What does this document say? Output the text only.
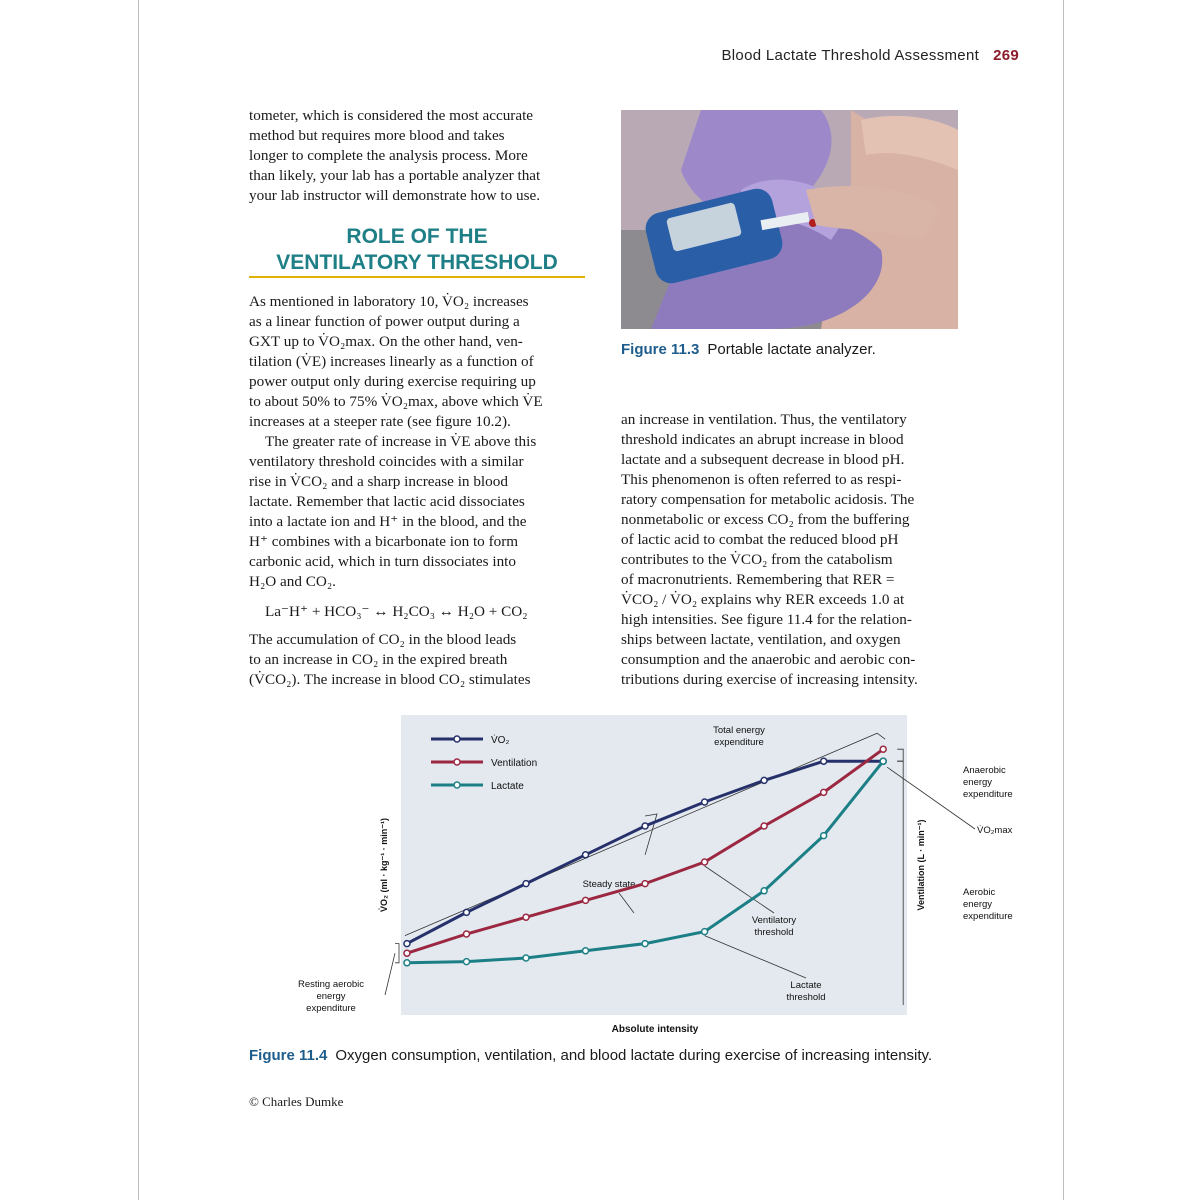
Blood Lactate Threshold Assessment 269

tometer, which is considered the most accurate

method but requires more blood and takes

longer to complete the analysis process. More

than likely, your lab has a portable analyzer that

your lab instructor will demonstrate how to use.

ROLE OF THE
VENTILATORY THRESHOLD

As mentioned in laboratory 10, V̇O₂ increases

as a linear function of power output during a

GXT up to V̇O₂max. On the other hand, ven-

tilation (V̇E) increases linearly as a function of

power output only during exercise requiring up

to about 50% to 75% V̇O₂max, above which V̇E

increases at a steeper rate (see figure 10.2).

The greater rate of increase in V̇E above this

ventilatory threshold coincides with a similar

rise in V̇CO₂ and a sharp increase in blood

lactate. Remember that lactic acid dissociates

into a lactate ion and H⁺ in the blood, and the

H⁺ combines with a bicarbonate ion to form

carbonic acid, which in turn dissociates into

H₂O and CO₂.

La⁻H⁺ + HCO₃⁻ ↔ H₂CO₃ ↔ H₂O + CO₂

The accumulation of CO₂ in the blood leads

to an increase in CO₂ in the expired breath

(V̇CO₂). The increase in blood CO₂ stimulates

Figure 11.3 Portable lactate analyzer.

an increase in ventilation. Thus, the ventilatory

threshold indicates an abrupt increase in blood

lactate and a subsequent decrease in blood pH.

This phenomenon is often referred to as respi-

ratory compensation for metabolic acidosis. The

nonmetabolic or excess CO₂ from the buffering

of lactic acid to combat the reduced blood pH

contributes to the V̇CO₂ from the catabolism

of macronutrients. Remembering that RER =

V̇CO₂ / V̇O₂ explains why RER exceeds 1.0 at

high intensities. See figure 11.4 for the relation-

ships between lactate, ventilation, and oxygen

consumption and the anaerobic and aerobic con-

tributions during exercise of increasing intensity.

Total energy expenditure
Anaerobic energy expenditure
V̇O₂max
Aerobic energy expenditure
Steady state
Ventilatory threshold
Lactate threshold
Resting aerobic energy expenditure
V̇O₂
Ventilation
Lactate
Absolute intensity
V̇O₂ (ml · kg⁻¹ · min⁻¹)	Ventilation (L · min⁻¹)
Figure 11.4 Oxygen consumption, ventilation, and blood lactate during exercise of increasing intensity.
© Charles Dumke
